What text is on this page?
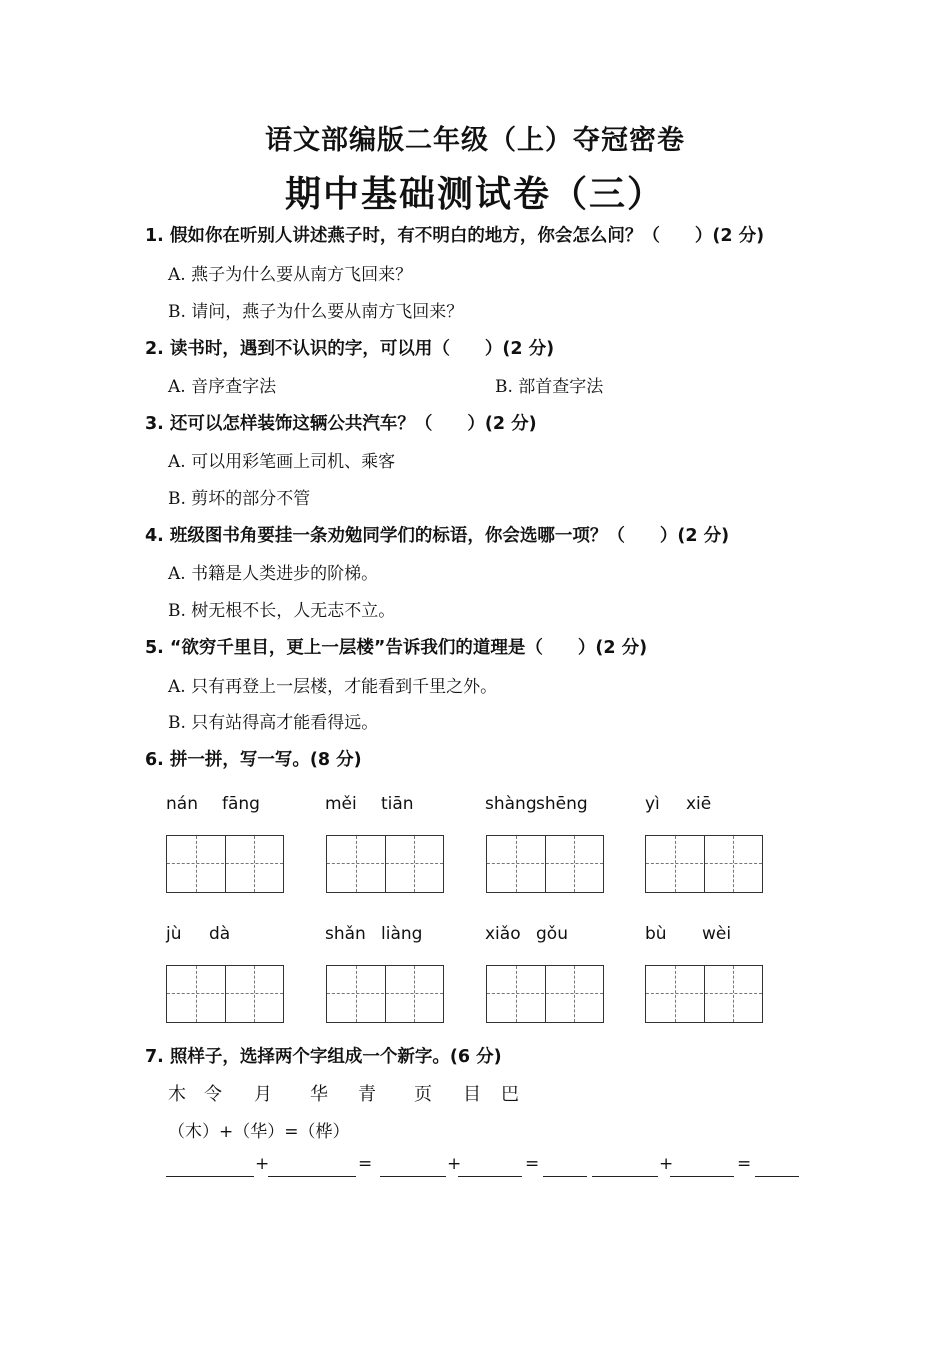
语文部编版二年级（上）夺冠密卷
期中基础测试卷（三）
1. 假如你在听别人讲述燕子时，有不明白的地方，你会怎么问？（　　）(2 分)
A. 燕子为什么要从南方飞回来？
B. 请问，燕子为什么要从南方飞回来？
2. 读书时，遇到不认识的字，可以用（　　）(2 分)
A. 音序查字法	B. 部首查字法
3. 还可以怎样装饰这辆公共汽车？（　　）(2 分)
A. 可以用彩笔画上司机、乘客
B. 剪坏的部分不管
4. 班级图书角要挂一条劝勉同学们的标语，你会选哪一项？（　　）(2 分)
A. 书籍是人类进步的阶梯。
B. 树无根不长，人无志不立。
5. “欲穷千里目，更上一层楼”告诉我们的道理是（　　）(2 分)
A. 只有再登上一层楼，才能看到千里之外。
B. 只有站得高才能看得远。
6. 拼一拼，写一写。(8 分)
nán fāng	měi tiān	shàng shēng	yì xiē
jù dà	shǎn liàng	xiǎo gǒu	bù wèi
7. 照样子，选择两个字组成一个新字。(6 分)
木 令 月 华 青 页 目 巴
（木）+（华）=（桦）
+	=	+	=	+	=
